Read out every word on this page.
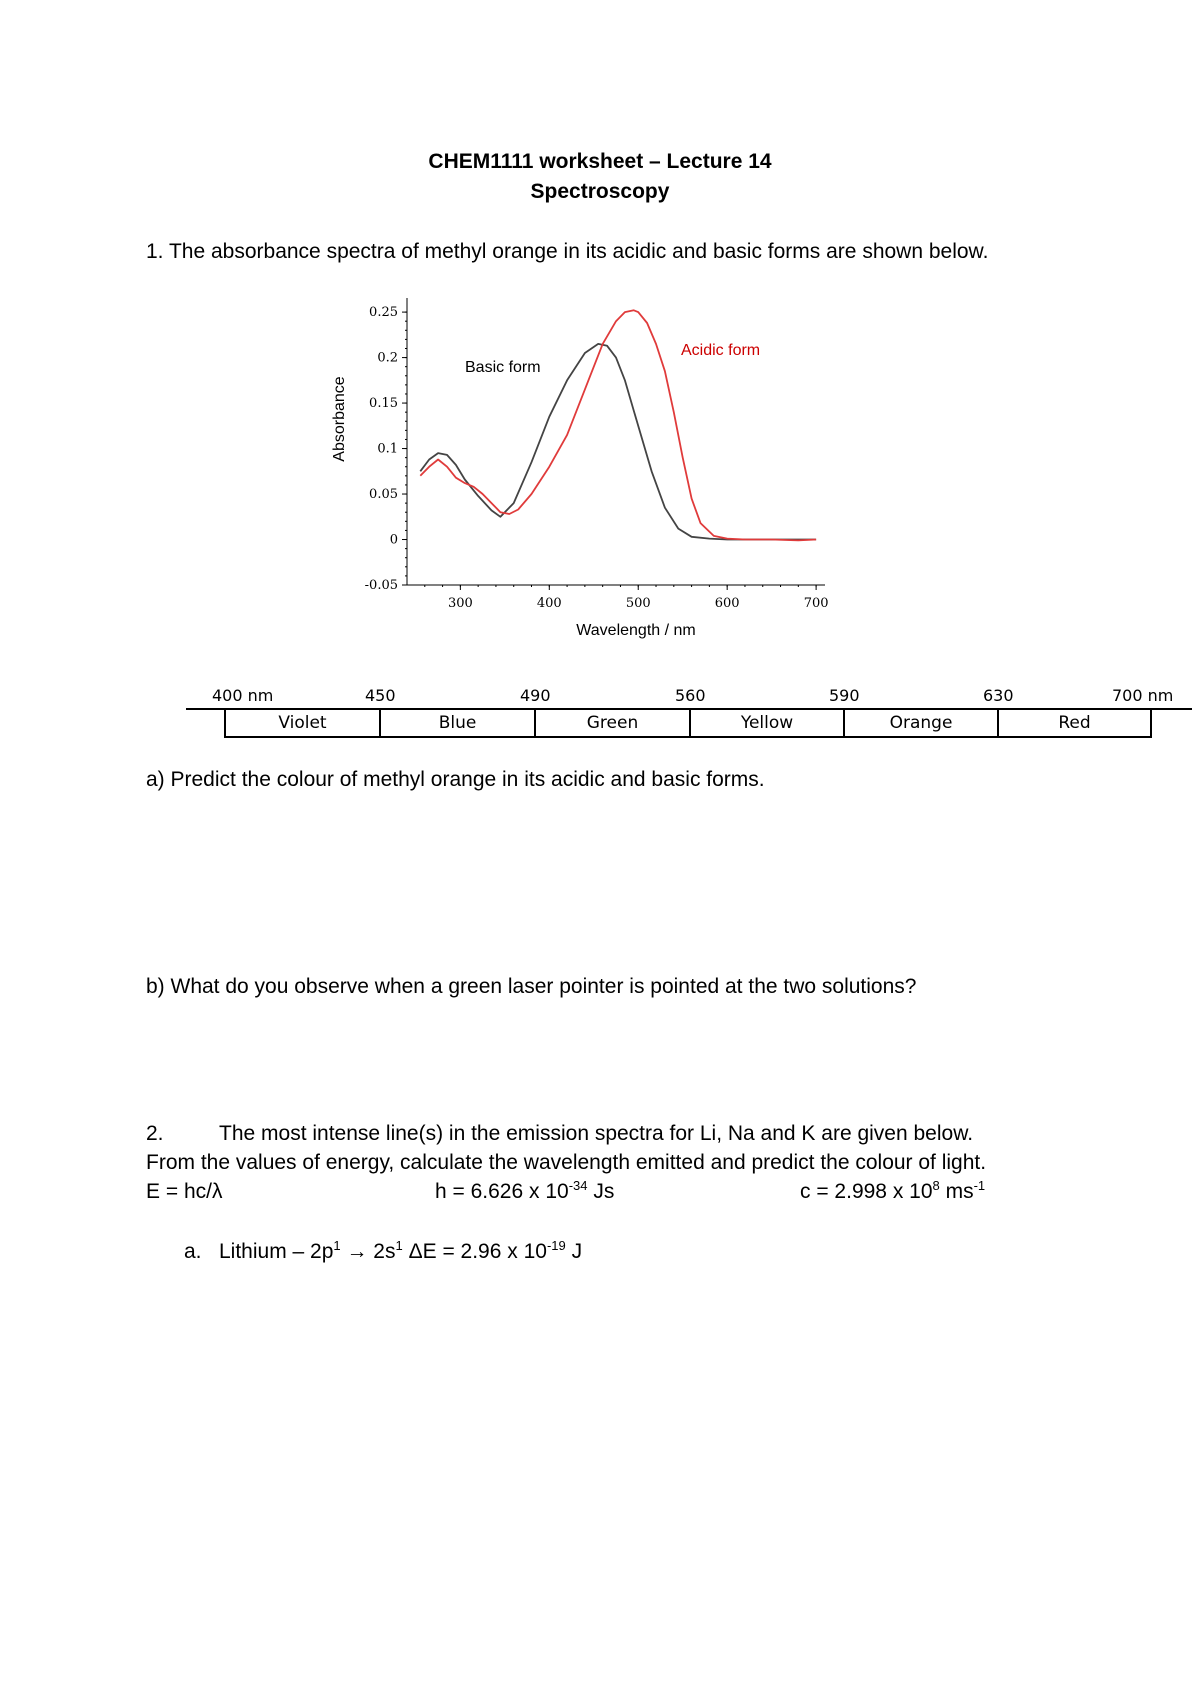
CHEM1111 worksheet – Lecture 14
Spectroscopy
1. The absorbance spectra of methyl orange in its acidic and basic forms are shown below.
0.25
0.2
0.15
0.1
0.05
0
-0.05
300	400	500	600	700
Wavelength / nm
Absorbance
Basic form
Acidic form
400 nm	450	490	560	590	630	700 nm
Violet	Blue	Green	Yellow	Orange	Red
a) Predict the colour of methyl orange in its acidic and basic forms.
b) What do you observe when a green laser pointer is pointed at the two solutions?
2.	The most intense line(s) in the emission spectra for Li, Na and K are given below.
From the values of energy, calculate the wavelength emitted and predict the colour of light.
E = hc/λ	h = 6.626 x $10^{-34}$ Js	c = 2.998 x $10^8$ $ms^{-1}$
a. Lithium – $2p^1 \to 2s^1$ ΔE = 2.96 x $10^{-19}$ J
